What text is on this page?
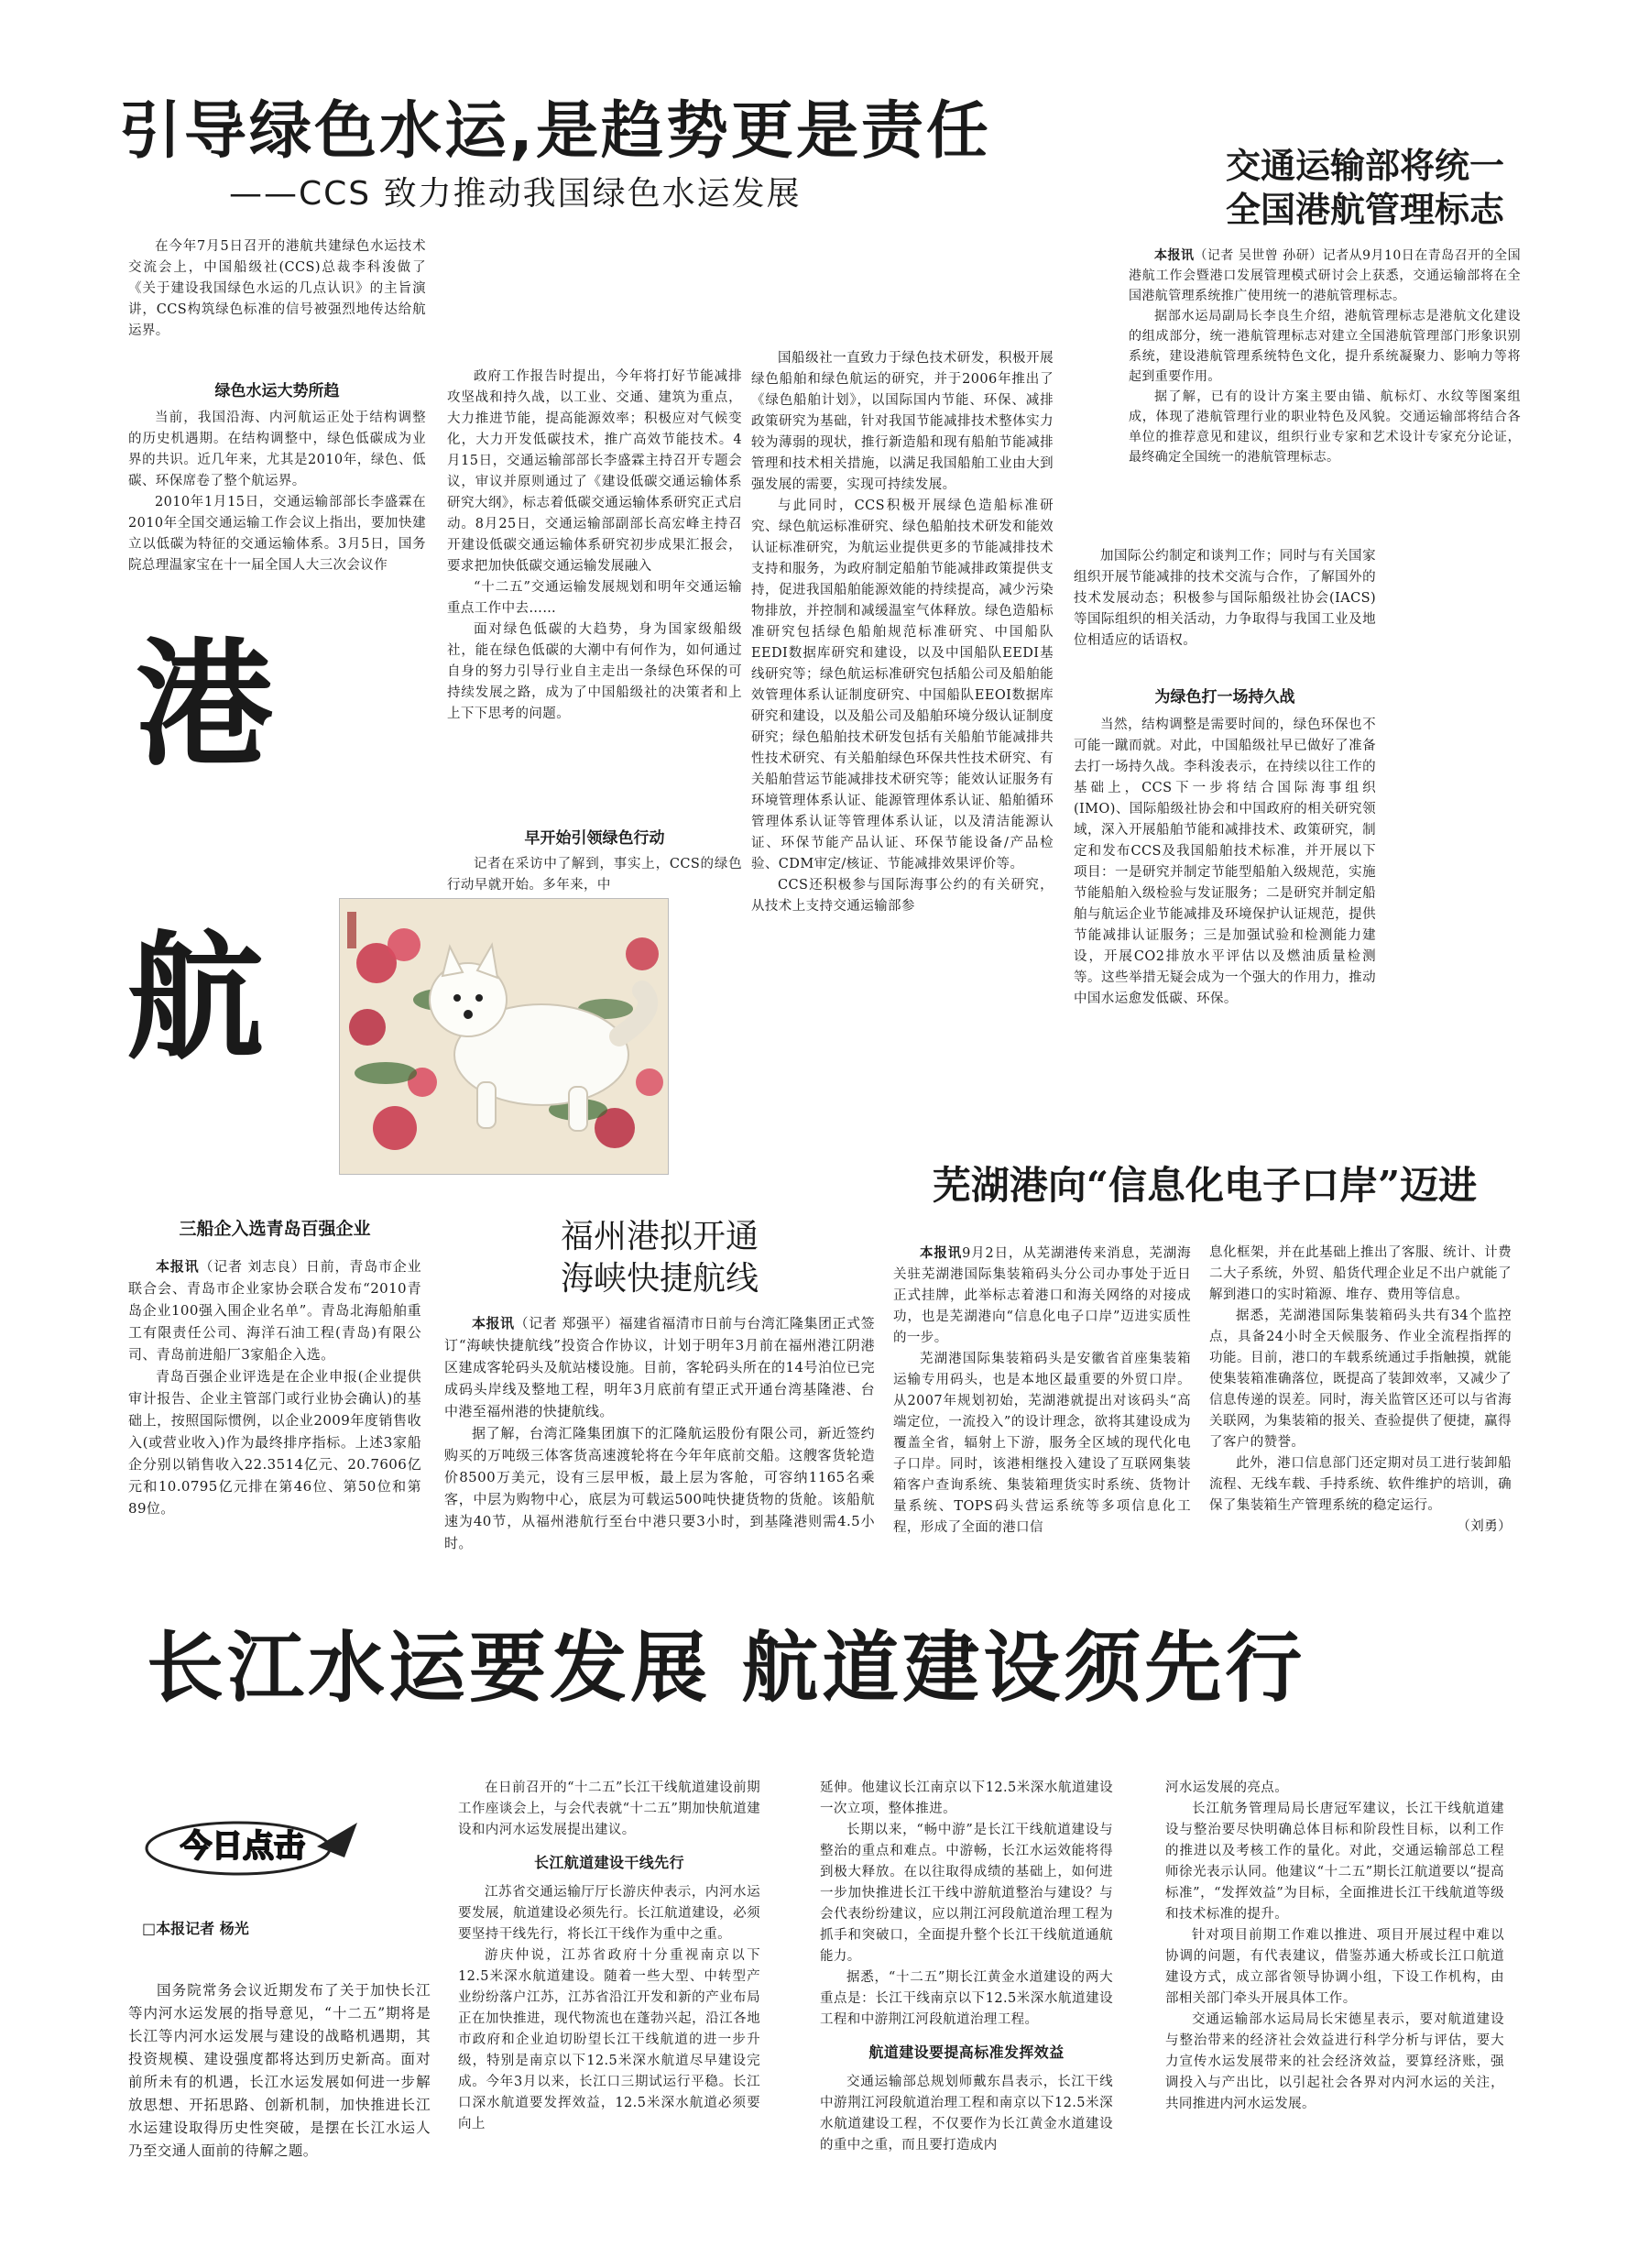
引导绿色水运,是趋势更是责任
——CCS 致力推动我国绿色水运发展

在今年7月5日召开的港航共建绿色水运技术交流会上，中国船级社(CCS)总裁李科浚做了《关于建设我国绿色水运的几点认识》的主旨演讲，CCS构筑绿色标准的信号被强烈地传达给航运界。

绿色水运大势所趋

当前，我国沿海、内河航运正处于结构调整的历史机遇期。在结构调整中，绿色低碳成为业界的共识。近几年来，尤其是2010年，绿色、低碳、环保席卷了整个航运界。

2010年1月15日，交通运输部部长李盛霖在2010年全国交通运输工作会议上指出，要加快建立以低碳为特征的交通运输体系。3月5日，国务院总理温家宝在十一届全国人大三次会议作

政府工作报告时提出，今年将打好节能减排攻坚战和持久战，以工业、交通、建筑为重点，大力推进节能，提高能源效率；积极应对气候变化，大力开发低碳技术，推广高效节能技术。4月15日，交通运输部部长李盛霖主持召开专题会议，审议并原则通过了《建设低碳交通运输体系研究大纲》，标志着低碳交通运输体系研究正式启动。8月25日，交通运输部副部长高宏峰主持召开建设低碳交通运输体系研究初步成果汇报会，要求把加快低碳交通运输发展融入

“十二五”交通运输发展规划和明年交通运输重点工作中去……

面对绿色低碳的大趋势，身为国家级船级社，能在绿色低碳的大潮中有何作为，如何通过自身的努力引导行业自主走出一条绿色环保的可持续发展之路，成为了中国船级社的决策者和上上下下思考的问题。

早开始引领绿色行动

记者在采访中了解到，事实上，CCS的绿色行动早就开始。多年来，中

国船级社一直致力于绿色技术研发，积极开展绿色船舶和绿色航运的研究，并于2006年推出了《绿色船舶计划》，以国际国内节能、环保、减排政策研究为基础，针对我国节能减排技术整体实力较为薄弱的现状，推行新造船和现有船舶节能减排管理和技术相关措施，以满足我国船舶工业由大到强发展的需要，实现可持续发展。

与此同时，CCS积极开展绿色造船标准研究、绿色航运标准研究、绿色船舶技术研发和能效认证标准研究，为航运业提供更多的节能减排技术支持和服务，为政府制定船舶节能减排政策提供支持，促进我国船舶能源效能的持续提高，减少污染物排放，并控制和减缓温室气体释放。绿色造船标准研究包括绿色船舶规范标准研究、中国船队EEDI数据库研究和建设，以及中国船队EEDI基线研究等；绿色航运标准研究包括船公司及船舶能效管理体系认证制度研究、中国船队EEOI数据库研究和建设，以及船公司及船舶环境分级认证制度研究；绿色船舶技术研发包括有关船舶节能减排共性技术研究、有关船舶绿色环保共性技术研究、有关船舶营运节能减排技术研究等；能效认证服务有环境管理体系认证、能源管理体系认证、船舶循环管理体系认证等管理体系认证，以及清洁能源认证、环保节能产品认证、环保节能设备/产品检验、CDM审定/核证、节能减排效果评价等。

CCS还积极参与国际海事公约的有关研究，从技术上支持交通运输部参

加国际公约制定和谈判工作；同时与有关国家组织开展节能减排的技术交流与合作，了解国外的技术发展动态；积极参与国际船级社协会(IACS)等国际组织的相关活动，力争取得与我国工业及地位相适应的话语权。

为绿色打一场持久战

当然，结构调整是需要时间的，绿色环保也不可能一蹴而就。对此，中国船级社早已做好了准备去打一场持久战。李科浚表示，在持续以往工作的基础上，CCS下一步将结合国际海事组织(IMO)、国际船级社协会和中国政府的相关研究领域，深入开展船舶节能和减排技术、政策研究，制定和发布CCS及我国船舶技术标准，并开展以下项目：一是研究并制定节能型船舶入级规范，实施节能船舶入级检验与发证服务；二是研究并制定船舶与航运企业节能减排及环境保护认证规范，提供节能减排认证服务；三是加强试验和检测能力建设，开展CO2排放水平评估以及燃油质量检测等。这些举措无疑会成为一个强大的作用力，推动中国水运愈发低碳、环保。

港
航
交通运输部将统一
全国港航管理标志

本报讯（记者 吴世曾 孙研）记者从9月10日在青岛召开的全国港航工作会暨港口发展管理模式研讨会上获悉，交通运输部将在全国港航管理系统推广使用统一的港航管理标志。

据部水运局副局长李良生介绍，港航管理标志是港航文化建设的组成部分，统一港航管理标志对建立全国港航管理部门形象识别系统，建设港航管理系统特色文化，提升系统凝聚力、影响力等将起到重要作用。

据了解，已有的设计方案主要由锚、航标灯、水纹等图案组成，体现了港航管理行业的职业特色及风貌。交通运输部将结合各单位的推荐意见和建议，组织行业专家和艺术设计专家充分论证，最终确定全国统一的港航管理标志。

三船企入选青岛百强企业

本报讯（记者 刘志良）日前，青岛市企业联合会、青岛市企业家协会联合发布“2010青岛企业100强入围企业名单”。青岛北海船舶重工有限责任公司、海洋石油工程(青岛)有限公司、青岛前进船厂3家船企入选。

青岛百强企业评选是在企业申报(企业提供审计报告、企业主管部门或行业协会确认)的基础上，按照国际惯例，以企业2009年度销售收入(或营业收入)作为最终排序指标。上述3家船企分别以销售收入22.3514亿元、20.7606亿元和10.0795亿元排在第46位、第50位和第89位。

福州港拟开通
海峡快捷航线

本报讯（记者 郑强平）福建省福清市日前与台湾汇隆集团正式签订“海峡快捷航线”投资合作协议，计划于明年3月前在福州港江阴港区建成客轮码头及航站楼设施。目前，客轮码头所在的14号泊位已完成码头岸线及整地工程，明年3月底前有望正式开通台湾基隆港、台中港至福州港的快捷航线。

据了解，台湾汇隆集团旗下的汇隆航运股份有限公司，新近签约购买的万吨级三体客货高速渡轮将在今年年底前交船。这艘客货轮造价8500万美元，设有三层甲板，最上层为客舱，可容纳1165名乘客，中层为购物中心，底层为可载运500吨快捷货物的货舱。该船航速为40节，从福州港航行至台中港只要3小时，到基隆港则需4.5小时。

芜湖港向“信息化电子口岸”迈进

本报讯9月2日，从芜湖港传来消息，芜湖海关驻芜湖港国际集装箱码头分公司办事处于近日正式挂牌，此举标志着港口和海关网络的对接成功，也是芜湖港向“信息化电子口岸”迈进实质性的一步。

芜湖港国际集装箱码头是安徽省首座集装箱运输专用码头，也是本地区最重要的外贸口岸。从2007年规划初始，芜湖港就提出对该码头“高端定位，一流投入”的设计理念，欲将其建设成为覆盖全省，辐射上下游，服务全区域的现代化电子口岸。同时，该港相继投入建设了互联网集装箱客户查询系统、集装箱理货实时系统、货物计量系统、TOPS码头营运系统等多项信息化工程，形成了全面的港口信

息化框架，并在此基础上推出了客服、统计、计费二大子系统，外贸、船货代理企业足不出户就能了解到港口的实时箱源、堆存、费用等信息。

据悉，芜湖港国际集装箱码头共有34个监控点，具备24小时全天候服务、作业全流程指挥的功能。目前，港口的车载系统通过手指触摸，就能使集装箱准确落位，既提高了装卸效率，又减少了信息传递的误差。同时，海关监管区还可以与省海关联网，为集装箱的报关、查验提供了便捷，赢得了客户的赞誉。

此外，港口信息部门还定期对员工进行装卸船流程、无线车载、手持系统、软件维护的培训，确保了集装箱生产管理系统的稳定运行。

（刘勇）
长江水运要发展 航道建设须先行
今日点击
□本报记者 杨光

国务院常务会议近期发布了关于加快长江等内河水运发展的指导意见，“十二五”期将是长江等内河水运发展与建设的战略机遇期，其投资规模、建设强度都将达到历史新高。面对前所未有的机遇，长江水运发展如何进一步解放思想、开拓思路、创新机制，加快推进长江水运建设取得历史性突破，是摆在长江水运人乃至交通人面前的待解之题。

在日前召开的“十二五”长江干线航道建设前期工作座谈会上，与会代表就“十二五”期加快航道建设和内河水运发展提出建议。

长江航道建设干线先行

江苏省交通运输厅厅长游庆仲表示，内河水运要发展，航道建设必须先行。长江航道建设，必须要坚持干线先行，将长江干线作为重中之重。

游庆仲说，江苏省政府十分重视南京以下12.5米深水航道建设。随着一些大型、中转型产业纷纷落户江苏，江苏省沿江开发和新的产业布局正在加快推进，现代物流也在蓬勃兴起，沿江各地市政府和企业迫切盼望长江干线航道的进一步升级，特别是南京以下12.5米深水航道尽早建设完成。今年3月以来，长江口三期试运行平稳。长江口深水航道要发挥效益，12.5米深水航道必须要向上

延伸。他建议长江南京以下12.5米深水航道建设一次立项，整体推进。

长期以来，“畅中游”是长江干线航道建设与整治的重点和难点。中游畅，长江水运效能将得到极大释放。在以往取得成绩的基础上，如何进一步加快推进长江干线中游航道整治与建设？与会代表纷纷建议，应以荆江河段航道治理工程为抓手和突破口，全面提升整个长江干线航道通航能力。

据悉，“十二五”期长江黄金水道建设的两大重点是：长江干线南京以下12.5米深水航道建设工程和中游荆江河段航道治理工程。

航道建设要提高标准发挥效益

交通运输部总规划师戴东昌表示，长江干线中游荆江河段航道治理工程和南京以下12.5米深水航道建设工程，不仅要作为长江黄金水道建设的重中之重，而且要打造成内

河水运发展的亮点。

长江航务管理局局长唐冠军建议，长江干线航道建设与整治要尽快明确总体目标和阶段性目标，以利工作的推进以及考核工作的量化。对此，交通运输部总工程师徐光表示认同。他建议“十二五”期长江航道要以“提高标准”，“发挥效益”为目标，全面推进长江干线航道等级和技术标准的提升。

针对项目前期工作难以推进、项目开展过程中难以协调的问题，有代表建议，借鉴苏通大桥或长江口航道建设方式，成立部省领导协调小组，下设工作机构，由部相关部门牵头开展具体工作。

交通运输部水运局局长宋德星表示，要对航道建设与整治带来的经济社会效益进行科学分析与评估，要大力宣传水运发展带来的社会经济效益，要算经济账，强调投入与产出比，以引起社会各界对内河水运的关注，共同推进内河水运发展。
